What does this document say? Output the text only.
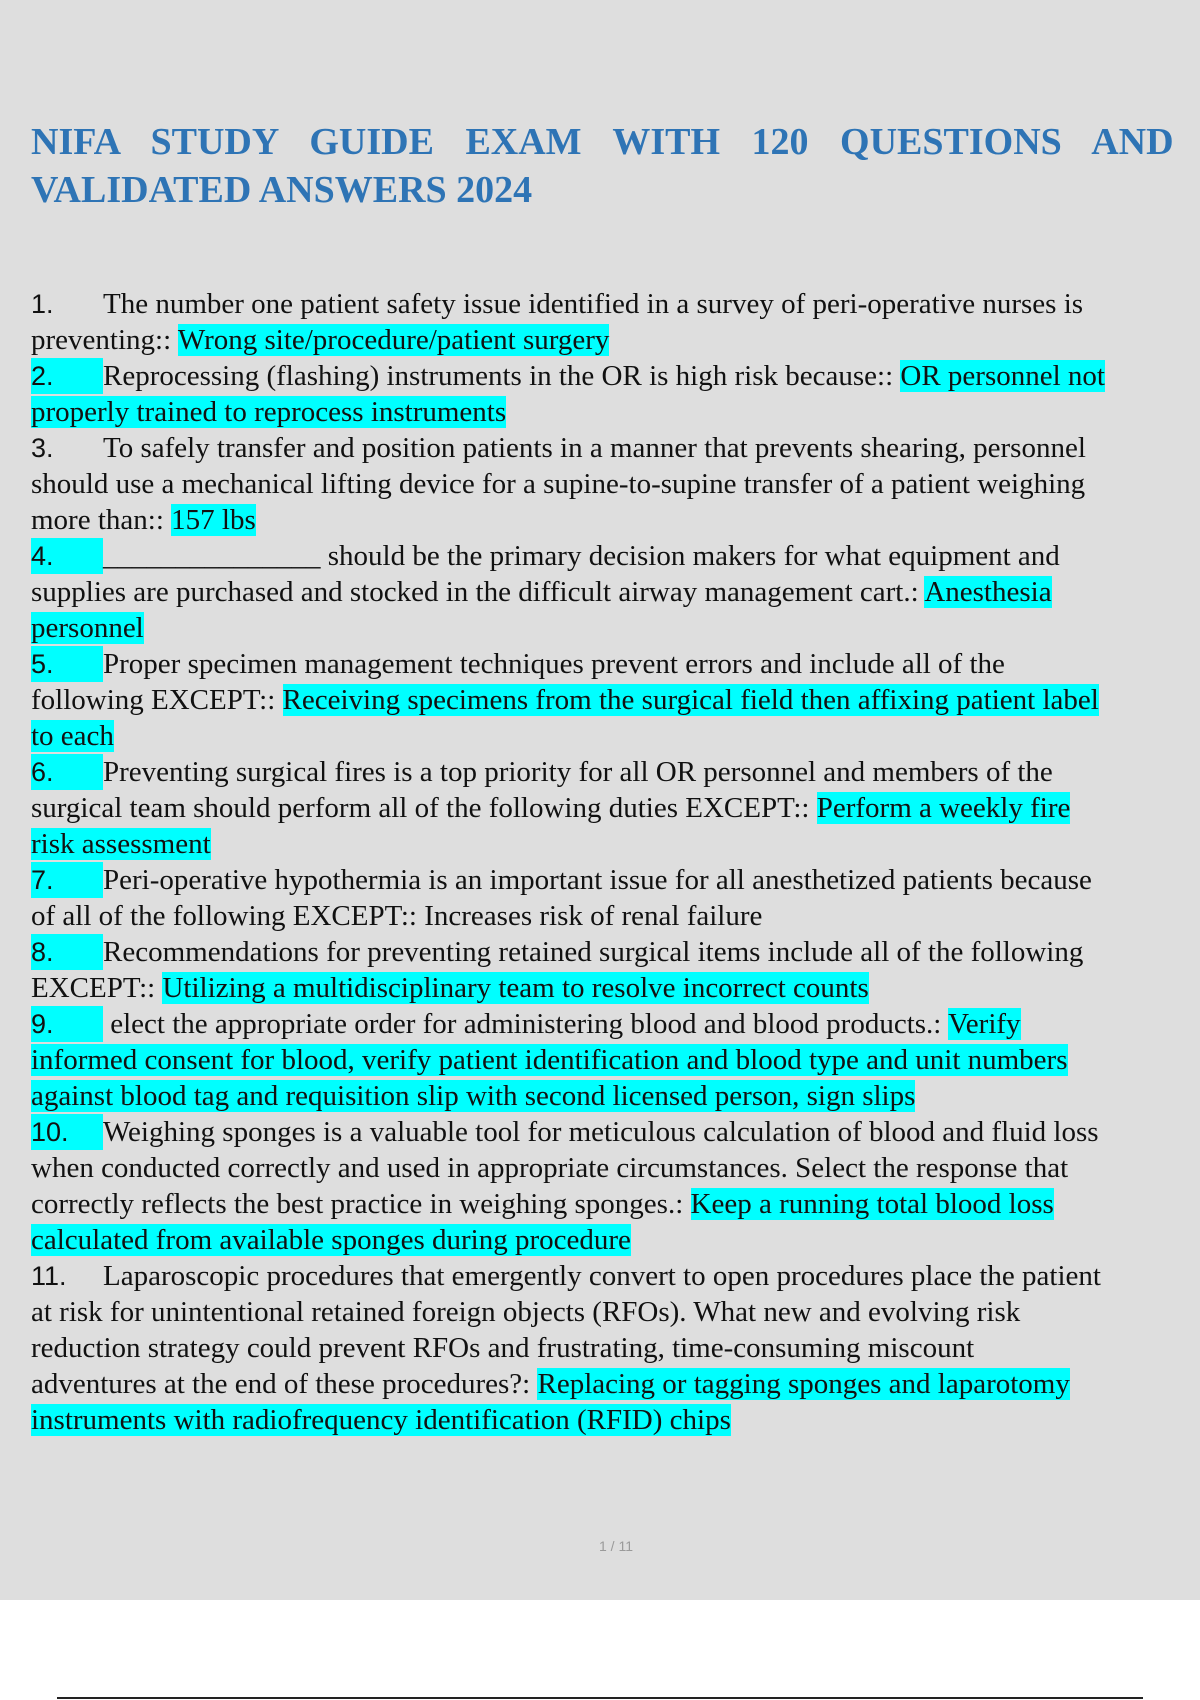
NIFA STUDY GUIDE EXAM WITH 120 QUESTIONS AND
VALIDATED ANSWERS 2024
1. The number one patient safety issue identified in a survey of peri-operative nurses is
preventing:: Wrong site/procedure/patient surgery
2. Reprocessing (flashing) instruments in the OR is high risk because:: OR personnel not
properly trained to reprocess instruments
3. To safely transfer and position patients in a manner that prevents shearing, personnel
should use a mechanical lifting device for a supine-to-supine transfer of a patient weighing
more than:: 157 lbs
4. _______________ should be the primary decision makers for what equipment and
supplies are purchased and stocked in the difficult airway management cart.: Anesthesia
personnel
5. Proper specimen management techniques prevent errors and include all of the
following EXCEPT:: Receiving specimens from the surgical field then affixing patient label
to each
6. Preventing surgical fires is a top priority for all OR personnel and members of the
surgical team should perform all of the following duties EXCEPT:: Perform a weekly fire
risk assessment
7. Peri-operative hypothermia is an important issue for all anesthetized patients because
of all of the following EXCEPT:: Increases risk of renal failure
8. Recommendations for preventing retained surgical items include all of the following
EXCEPT:: Utilizing a multidisciplinary team to resolve incorrect counts
9. elect the appropriate order for administering blood and blood products.: Verify
informed consent for blood, verify patient identification and blood type and unit numbers
against blood tag and requisition slip with second licensed person, sign slips
10. Weighing sponges is a valuable tool for meticulous calculation of blood and fluid loss
when conducted correctly and used in appropriate circumstances. Select the response that
correctly reflects the best practice in weighing sponges.: Keep a running total blood loss
calculated from available sponges during procedure
11. Laparoscopic procedures that emergently convert to open procedures place the patient
at risk for unintentional retained foreign objects (RFOs). What new and evolving risk
reduction strategy could prevent RFOs and frustrating, time-consuming miscount
adventures at the end of these procedures?: Replacing or tagging sponges and laparotomy
instruments with radiofrequency identification (RFID) chips
1 / 11
